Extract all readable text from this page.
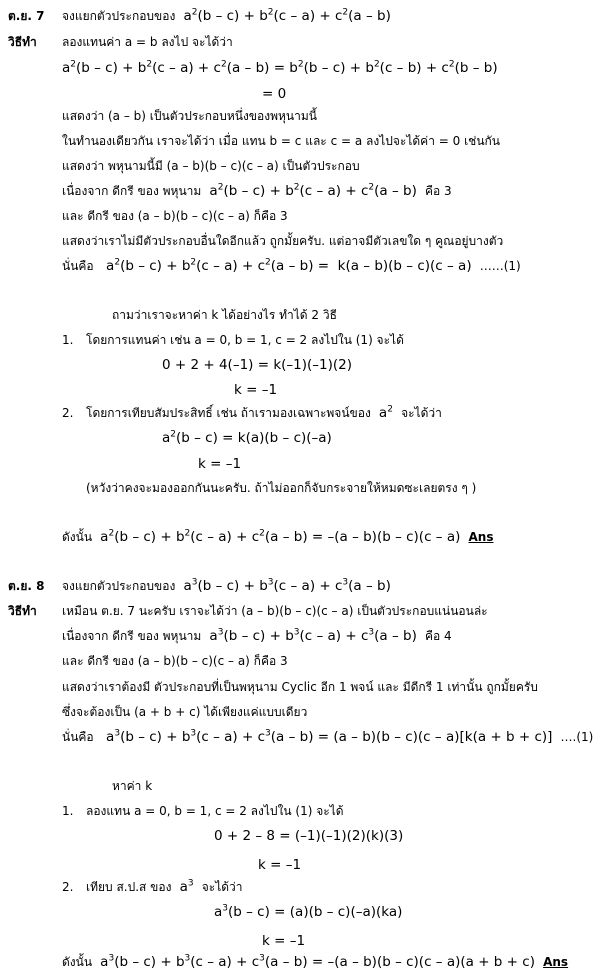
ต.ย. 7 จงแยกตัวประกอบของ  $a^2(b - c) + b^2(c - a) + c^2(a - b)$
วิธีทำ ลองแทนค่า a = b ลงไป จะได้ว่า
$a^2(b - c) + b^2(c - a) + c^2(a - b) = b^2(b - c) + b^2(c - b) + c^2(b - b)$
= 0
แสดงว่า (a – b) เป็นตัวประกอบหนึ่งของพหุนามนี้
ในทำนองเดียวกัน เราจะได้ว่า เมื่อ แทน b = c และ c = a ลงไปจะได้ค่า = 0 เช่นกัน
แสดงว่า พหุนามนี้มี (a – b)(b – c)(c – a) เป็นตัวประกอบ
เนื่องจาก ดีกรี ของ พหุนาม  $a^2(b - c) + b^2(c - a) + c^2(a - b)$  คือ 3
และ ดีกรี ของ (a – b)(b – c)(c – a) ก็คือ 3
แสดงว่าเราไม่มีตัวประกอบอื่นใดอีกแล้ว ถูกมั้ยครับ. แต่อาจมีตัวเลขใด ๆ คูณอยู่บางตัว
นั่นคือ   $a^2(b - c) + b^2(c - a) + c^2(a - b) = k(a - b)(b - c)(c - a)$  ……(1)
ถามว่าเราจะหาค่า k ได้อย่างไร ทำได้ 2 วิธี
1. โดยการแทนค่า เช่น a = 0, b = 1, c = 2 ลงไปใน (1) จะได้
0 + 2 + 4(–1) = k(–1)(–1)(2)
k = –1
2. โดยการเทียบสัมประสิทธิ์ เช่น ถ้าเรามองเฉพาะพจน์ของ  $a^2$ จะได้ว่า
$a^2(b - c) = k(a)(b - c)(-a)$
k = –1
(หวังว่าคงจะมองออกกันนะครับ. ถ้าไม่ออกก็จับกระจายให้หมดซะเลยตรง ๆ )
ดังนั้น  $a^2(b - c) + b^2(c - a) + c^2(a - b) = -(a - b)(b - c)(c - a)$ Ans
ต.ย. 8 จงแยกตัวประกอบของ  $a^3(b - c) + b^3(c - a) + c^3(a - b)$
วิธีทำ เหมือน ต.ย. 7 นะครับ เราจะได้ว่า (a – b)(b – c)(c – a) เป็นตัวประกอบแน่นอนล่ะ
เนื่องจาก ดีกรี ของ พหุนาม  $a^3(b - c) + b^3(c - a) + c^3(a - b)$  คือ 4
และ ดีกรี ของ (a – b)(b – c)(c – a) ก็คือ 3
แสดงว่าเราต้องมี ตัวประกอบที่เป็นพหุนาม Cyclic อีก 1 พจน์ และ มีดีกรี 1 เท่านั้น ถูกมั้ยครับ
ซึ่งจะต้องเป็น (a + b + c) ได้เพียงแค่แบบเดียว
นั่นคือ   $a^3(b - c) + b^3(c - a) + c^3(a - b) = (a - b)(b - c)(c - a)[k(a + b + c)]$ ….(1)
หาค่า k
1. ลองแทน a = 0, b = 1, c = 2 ลงไปใน (1) จะได้
0 + 2 – 8 = (–1)(–1)(2)(k)(3)
k = –1
2. เทียบ ส.ป.ส ของ  $a^3$ จะได้ว่า
$a^3(b - c) = (a)(b - c)(-a)(ka)$
k = –1
ดังนั้น  $a^3(b - c) + b^3(c - a) + c^3(a - b) = -(a - b)(b - c)(c - a)(a + b + c)$ Ans
